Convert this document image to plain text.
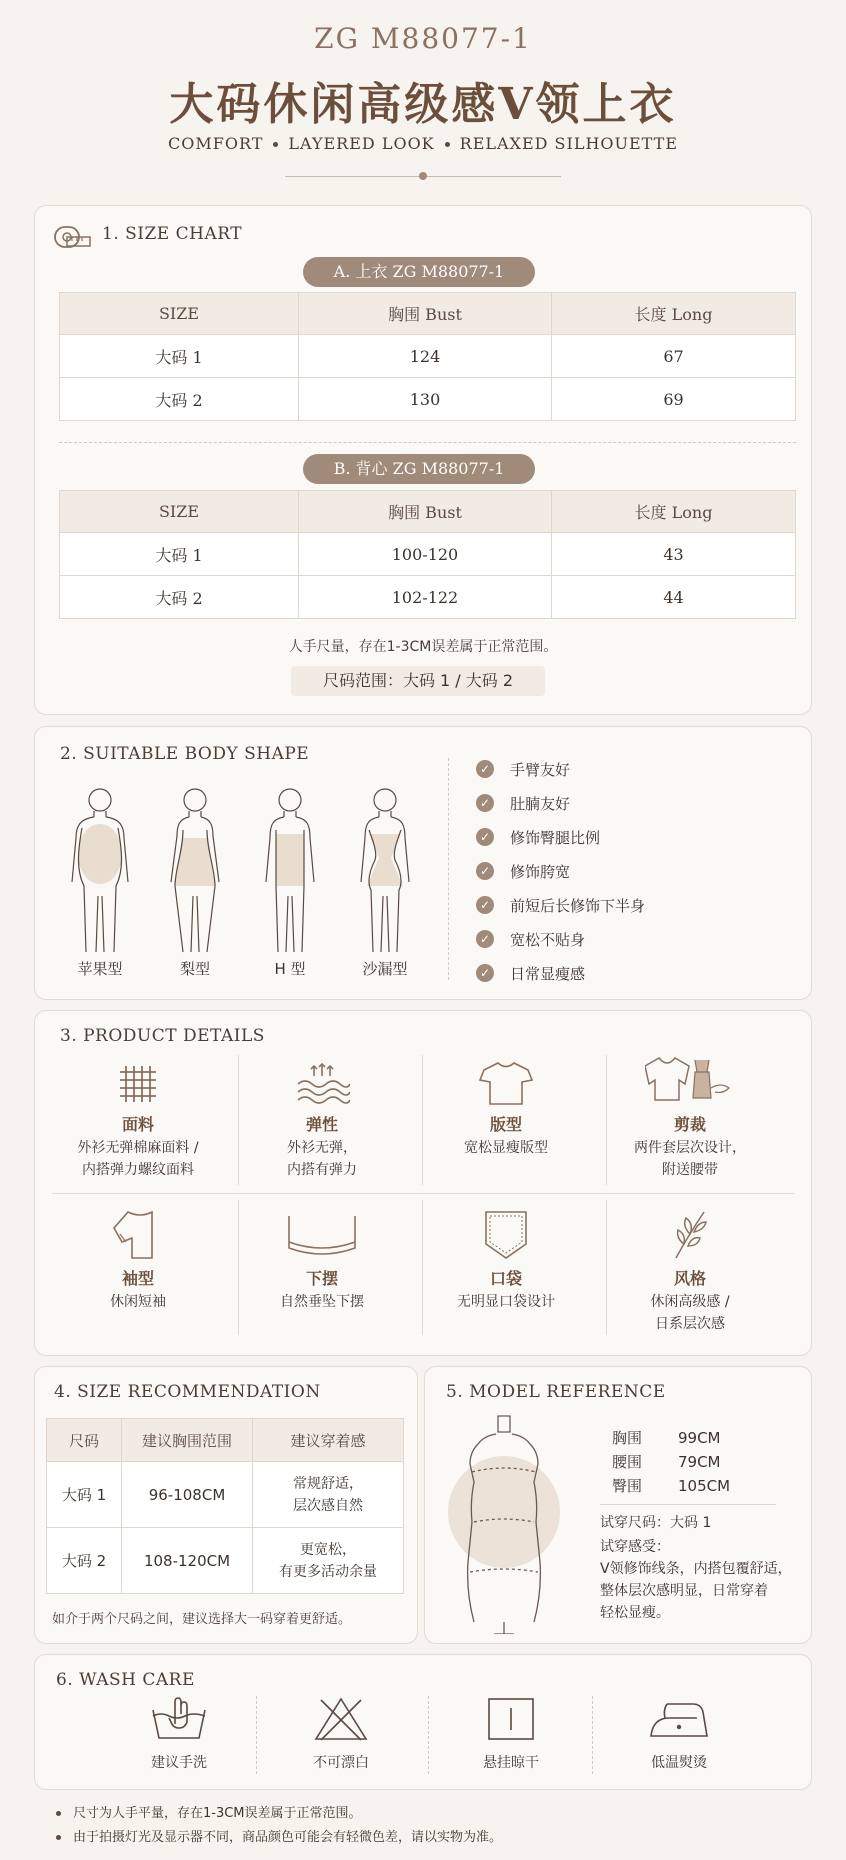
ZG M88077-1
大码休闲高级感V领上衣
COMFORT LAYERED LOOK RELAXED SILHOUETTE
1. SIZE CHART
A. 上衣 ZG M88077-1
SIZE	胸围 Bust	长度 Long
大码 1	124	67
大码 2	130	69
B. 背心 ZG M88077-1
SIZE	胸围 Bust	长度 Long
大码 1	100-120	43
大码 2	102-122	44
人手尺量，存在1-3CM误差属于正常范围。
尺码范围：大码 1 / 大码 2
2. SUITABLE BODY SHAPE
苹果型	梨型	H 型	沙漏型
✓ 手臂友好
✓ 肚腩友好
✓ 修饰臀腿比例
✓ 修饰胯宽
✓ 前短后长修饰下半身
✓ 宽松不贴身
✓ 日常显瘦感
3. PRODUCT DETAILS
面料
外衫无弹棉麻面料 /
内搭弹力螺纹面料
弹性
外衫无弹，
内搭有弹力
版型
宽松显瘦版型
剪裁
两件套层次设计，
附送腰带
袖型
休闲短袖
下摆
自然垂坠下摆
口袋
无明显口袋设计
风格
休闲高级感 /
日系层次感
4. SIZE RECOMMENDATION
尺码	建议胸围范围	建议穿着感
大码 1	96-108CM	常规舒适，
层次感自然

大码 2	108-120CM	更宽松，
有更多活动余量
如介于两个尺码之间，建议选择大一码穿着更舒适。
5. MODEL REFERENCE
胸围 99CM
腰围 79CM
臀围 105CM
试穿尺码：大码 1
试穿感受：
V领修饰线条，内搭包覆舒适，
整体层次感明显，日常穿着
轻松显瘦。
6. WASH CARE
建议手洗	不可漂白	悬挂晾干	低温熨烫
尺寸为人手平量，存在1-3CM误差属于正常范围。
由于拍摄灯光及显示器不同，商品颜色可能会有轻微色差，请以实物为准。
